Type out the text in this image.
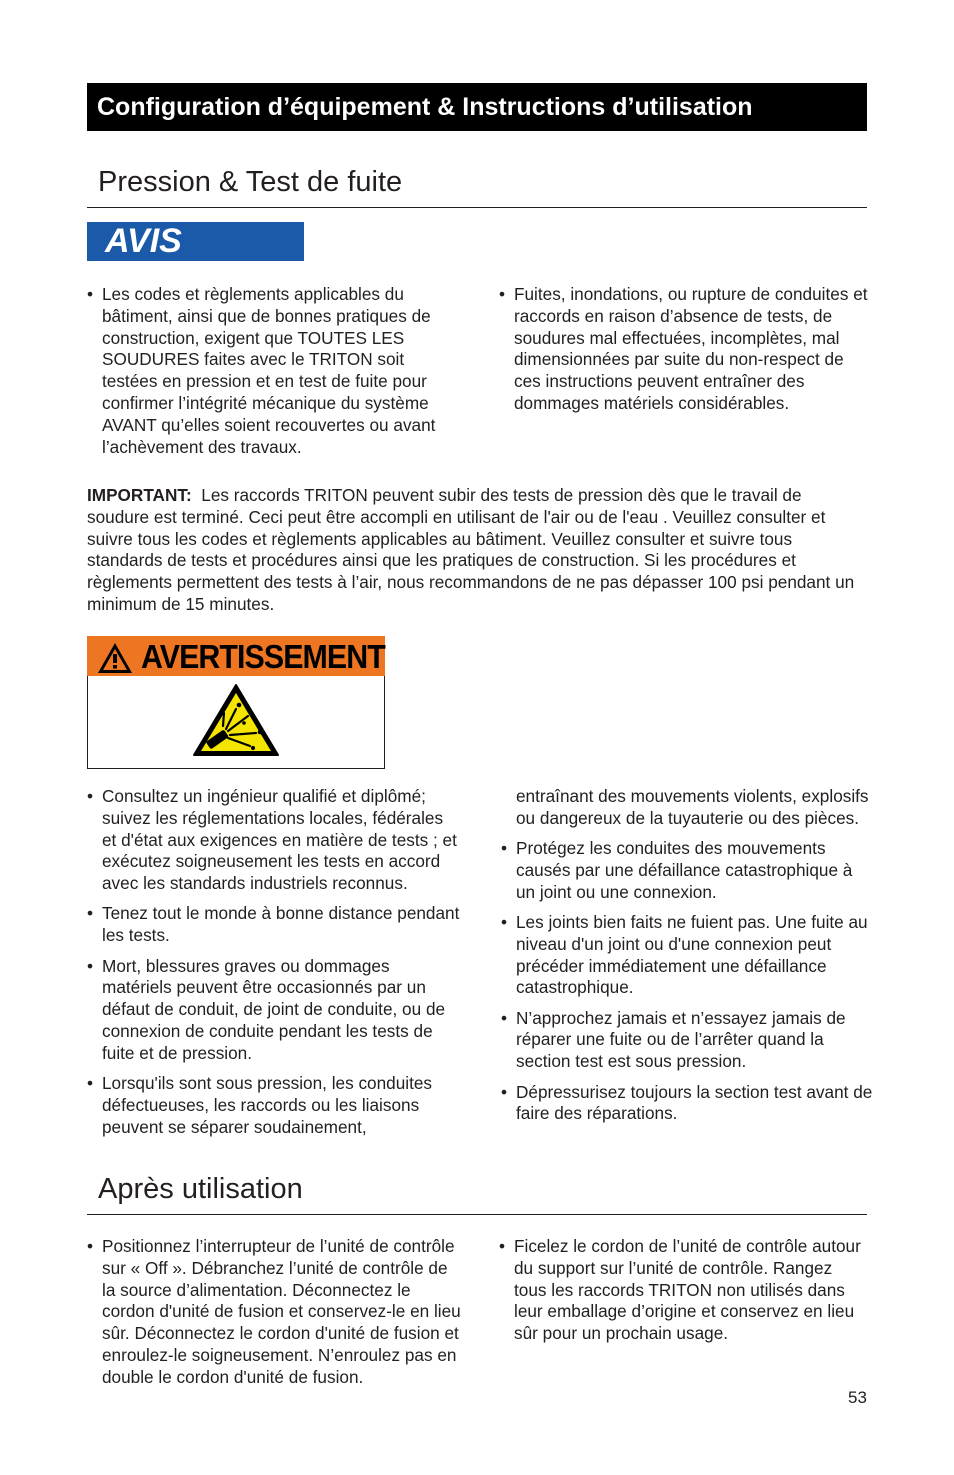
Configuration d’équipement & Instructions d’utilisation
Pression & Test de fuite
AVIS
• Les codes et règlements applicables du bâtiment, ainsi que de bonnes pratiques de construction, exigent que TOUTES LES SOUDURES faites avec le TRITON soit testées en pression et en test de fuite pour confirmer l’intégrité mécanique du système AVANT qu’elles soient recouvertes ou avant l’achèvement des travaux.
• Fuites, inondations, ou rupture de conduites et raccords en raison d’absence de tests, de soudures mal effectuées, incomplètes, mal dimensionnées par suite du non-respect de ces instructions peuvent entraîner des dommages matériels considérables.
IMPORTANT: Les raccords TRITON peuvent subir des tests de pression dès que le travail de soudure est terminé. Ceci peut être accompli en utilisant de l'air ou de l'eau . Veuillez consulter et suivre tous les codes et règlements applicables au bâtiment. Veuillez consulter et suivre tous standards de tests et procédures ainsi que les pratiques de construction. Si les procédures et règlements permettent des tests à l’air, nous recommandons de ne pas dépasser 100 psi pendant un minimum de 15 minutes.
AVERTISSEMENT
• Consultez un ingénieur qualifié et diplômé; suivez les réglementations locales, fédérales et d'état aux exigences en matière de tests ; et exécutez soigneusement les tests en accord avec les standards industriels reconnus.
• Tenez tout le monde à bonne distance pendant les tests.
• Mort, blessures graves ou dommages matériels peuvent être occasionnés par un défaut de conduit, de joint de conduite, ou de connexion de conduite pendant les tests de fuite et de pression.
• Lorsqu'ils sont sous pression, les conduites défectueuses, les raccords ou les liaisons peuvent se séparer soudainement,
entraînant des mouvements violents, explosifs ou dangereux de la tuyauterie ou des pièces.
• Protégez les conduites des mouvements causés par une défaillance catastrophique à un joint ou une connexion.
• Les joints bien faits ne fuient pas. Une fuite au niveau d'un joint ou d'une connexion peut précéder immédiatement une défaillance catastrophique.
• N’approchez jamais et n’essayez jamais de réparer une fuite ou de l’arrêter quand la section test est sous pression.
• Dépressurisez toujours la section test avant de faire des réparations.
Après utilisation
• Positionnez l’interrupteur de l’unité de contrôle sur « Off ». Débranchez l’unité de contrôle de la source d’alimentation. Déconnectez le cordon d'unité de fusion et conservez-le en lieu sûr. Déconnectez le cordon d'unité de fusion et enroulez-le soigneusement. N’enroulez pas en double le cordon d'unité de fusion.
• Ficelez le cordon de l’unité de contrôle autour du support sur l’unité de contrôle. Rangez tous les raccords TRITON non utilisés dans leur emballage d’origine et conservez en lieu sûr pour un prochain usage.
53
